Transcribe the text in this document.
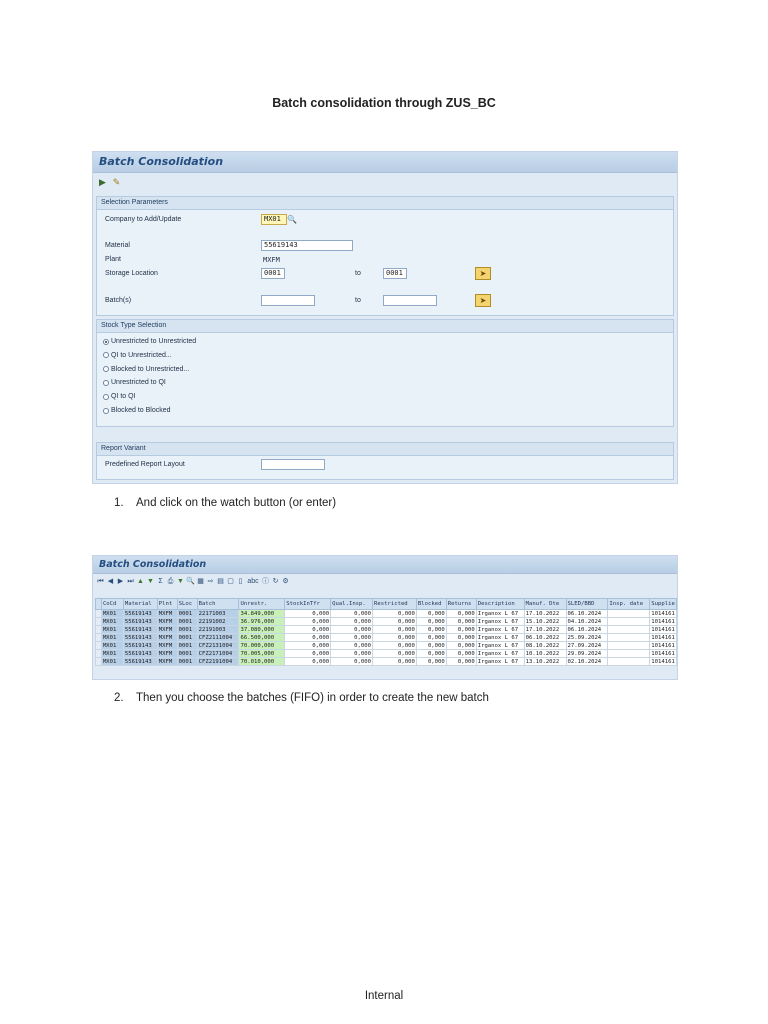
Batch consolidation through ZUS_BC
Batch Consolidation
▶ ✎
Selection Parameters
Company to Add/Update	MX01 🔍
Material	55619143
Plant	MXFM
Storage Location	0001	to	0001	➤
Batch(s)	to	➤
Stock Type Selection
Unrestricted to Unrestricted
QI to Unrestricted...
Blocked to Unrestricted...
Unrestricted to QI
QI to QI
Blocked to Blocked
Report Variant
Predefined Report Layout
1. And click on the watch button (or enter)
Batch Consolidation
⏮ ◀ ▶ ⏭ ▲ ▼ Σ ⎙ ▼ 🔍 ▦ ⇨ ▤ ▢ ▯ abc ⓘ ↻ ⚙
	CoCd	Material	Plnt	SLoc	Batch	Unrestr.	StockInTfr	Qual.Insp.	Restricted	Blocked	Returns	Description	Manuf. Dte	SLED/BBD	Insp. date	Supplie
	MX01	55619143	MXFM	0001	22171003	34.849,000	0,000	0,000	0,000	0,000	0,000	Irganox L 67	17.10.2022	06.10.2024		1014161
	MX01	55619143	MXFM	0001	22191002	36.976,000	0,000	0,000	0,000	0,000	0,000	Irganox L 67	15.10.2022	04.10.2024		1014161
	MX01	55619143	MXFM	0001	22191003	37.080,000	0,000	0,000	0,000	0,000	0,000	Irganox L 67	17.10.2022	06.10.2024		1014161
	MX01	55619143	MXFM	0001	CFZ2111004	66.500,000	0,000	0,000	0,000	0,000	0,000	Irganox L 67	06.10.2022	25.09.2024		1014161
	MX01	55619143	MXFM	0001	CFZ2131004	70.000,000	0,000	0,000	0,000	0,000	0,000	Irganox L 67	08.10.2022	27.09.2024		1014161
	MX01	55619143	MXFM	0001	CFZ2171004	70.005,000	0,000	0,000	0,000	0,000	0,000	Irganox L 67	10.10.2022	29.09.2024		1014161
	MX01	55619143	MXFM	0001	CFZ2191004	70.010,000	0,000	0,000	0,000	0,000	0,000	Irganox L 67	13.10.2022	02.10.2024		1014161
2. Then you choose the batches (FIFO) in order to create the new batch
Internal
